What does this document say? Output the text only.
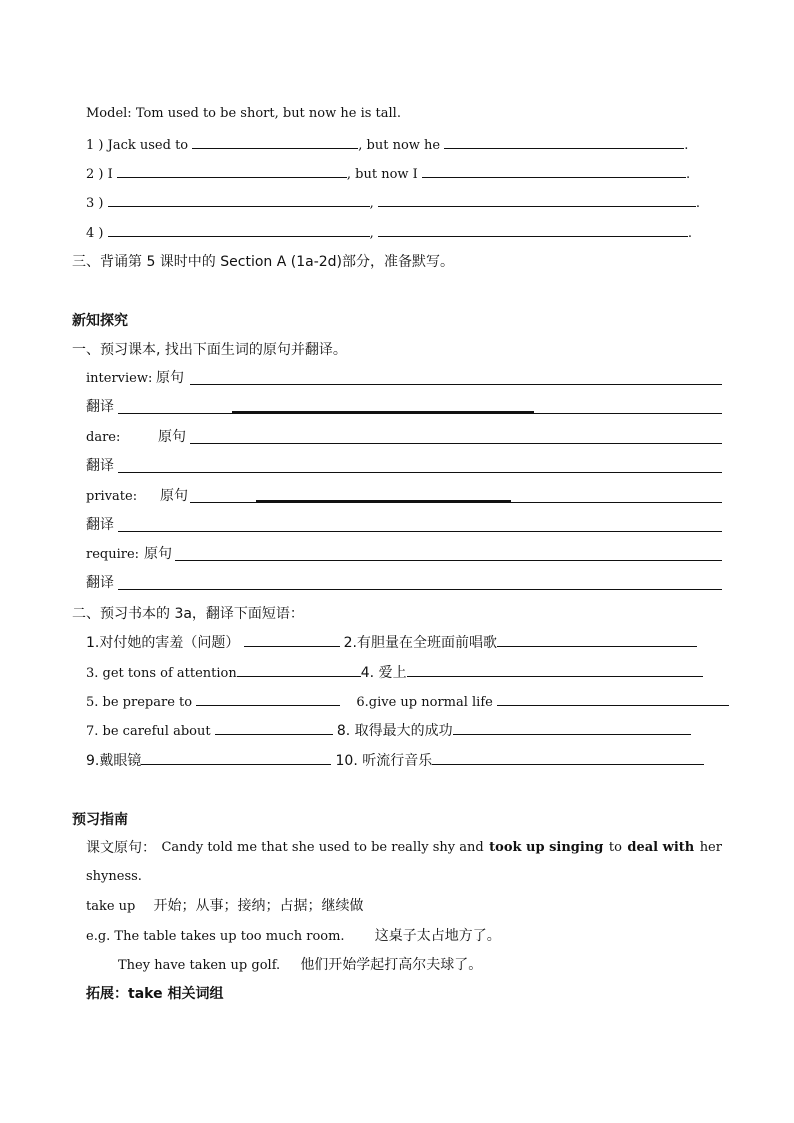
Model: Tom used to be short, but now he is tall.
1 ) Jack used to	, but now he	.
2 ) I	, but now I	.
3 )	,	.
4 )	,	.
三、背诵第 5 课时中的 Section A (1a-2d)部分，准备默写。
新知探究
一、预习课本, 找出下面生词的原句并翻译。
interview: 原句
翻译
dare:	原句
翻译
private: 原句
翻译
require: 原句
翻译
二、预习书本的 3a，翻译下面短语：
1.对付她的害羞（问题）	2.有胆量在全班面前唱歌
3. get tons of attention	4. 爱上
5. be prepare to	6.give up normal life
7. be careful about	8. 取得最大的成功
9.戴眼镜	10. 听流行音乐
预习指南
课文原句： Candy told me that she used to be really shy and took up singing to deal with her
shyness.
take up 开始；从事；接纳；占据；继续做
e.g. The table takes up too much room. 这桌子太占地方了。
They have taken up golf. 他们开始学起打高尔夫球了。
拓展：take 相关词组
